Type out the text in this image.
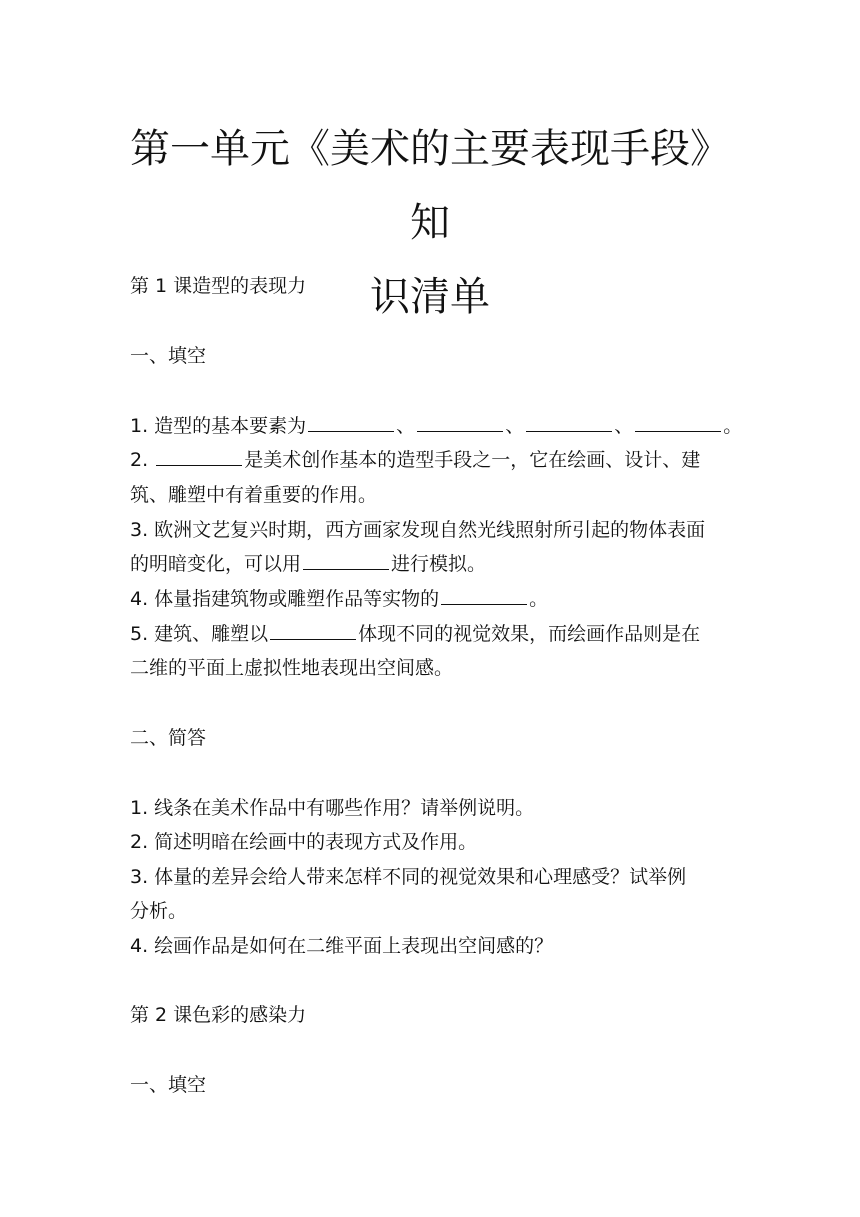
第一单元《美术的主要表现手段》知
识清单

第 1 课造型的表现力

一、填空

1. 造型的基本要素为	、	、	、	。

2.	是美术创作基本的造型手段之一，它在绘画、设计、建

筑、雕塑中有着重要的作用。

3. 欧洲文艺复兴时期，西方画家发现自然光线照射所引起的物体表面

的明暗变化，可以用	进行模拟。

4. 体量指建筑物或雕塑作品等实物的	。

5. 建筑、雕塑以	体现不同的视觉效果，而绘画作品则是在

二维的平面上虚拟性地表现出空间感。

二、简答

1. 线条在美术作品中有哪些作用？请举例说明。

2. 简述明暗在绘画中的表现方式及作用。

3. 体量的差异会给人带来怎样不同的视觉效果和心理感受？试举例

分析。

4. 绘画作品是如何在二维平面上表现出空间感的？

第 2 课色彩的感染力

一、填空
